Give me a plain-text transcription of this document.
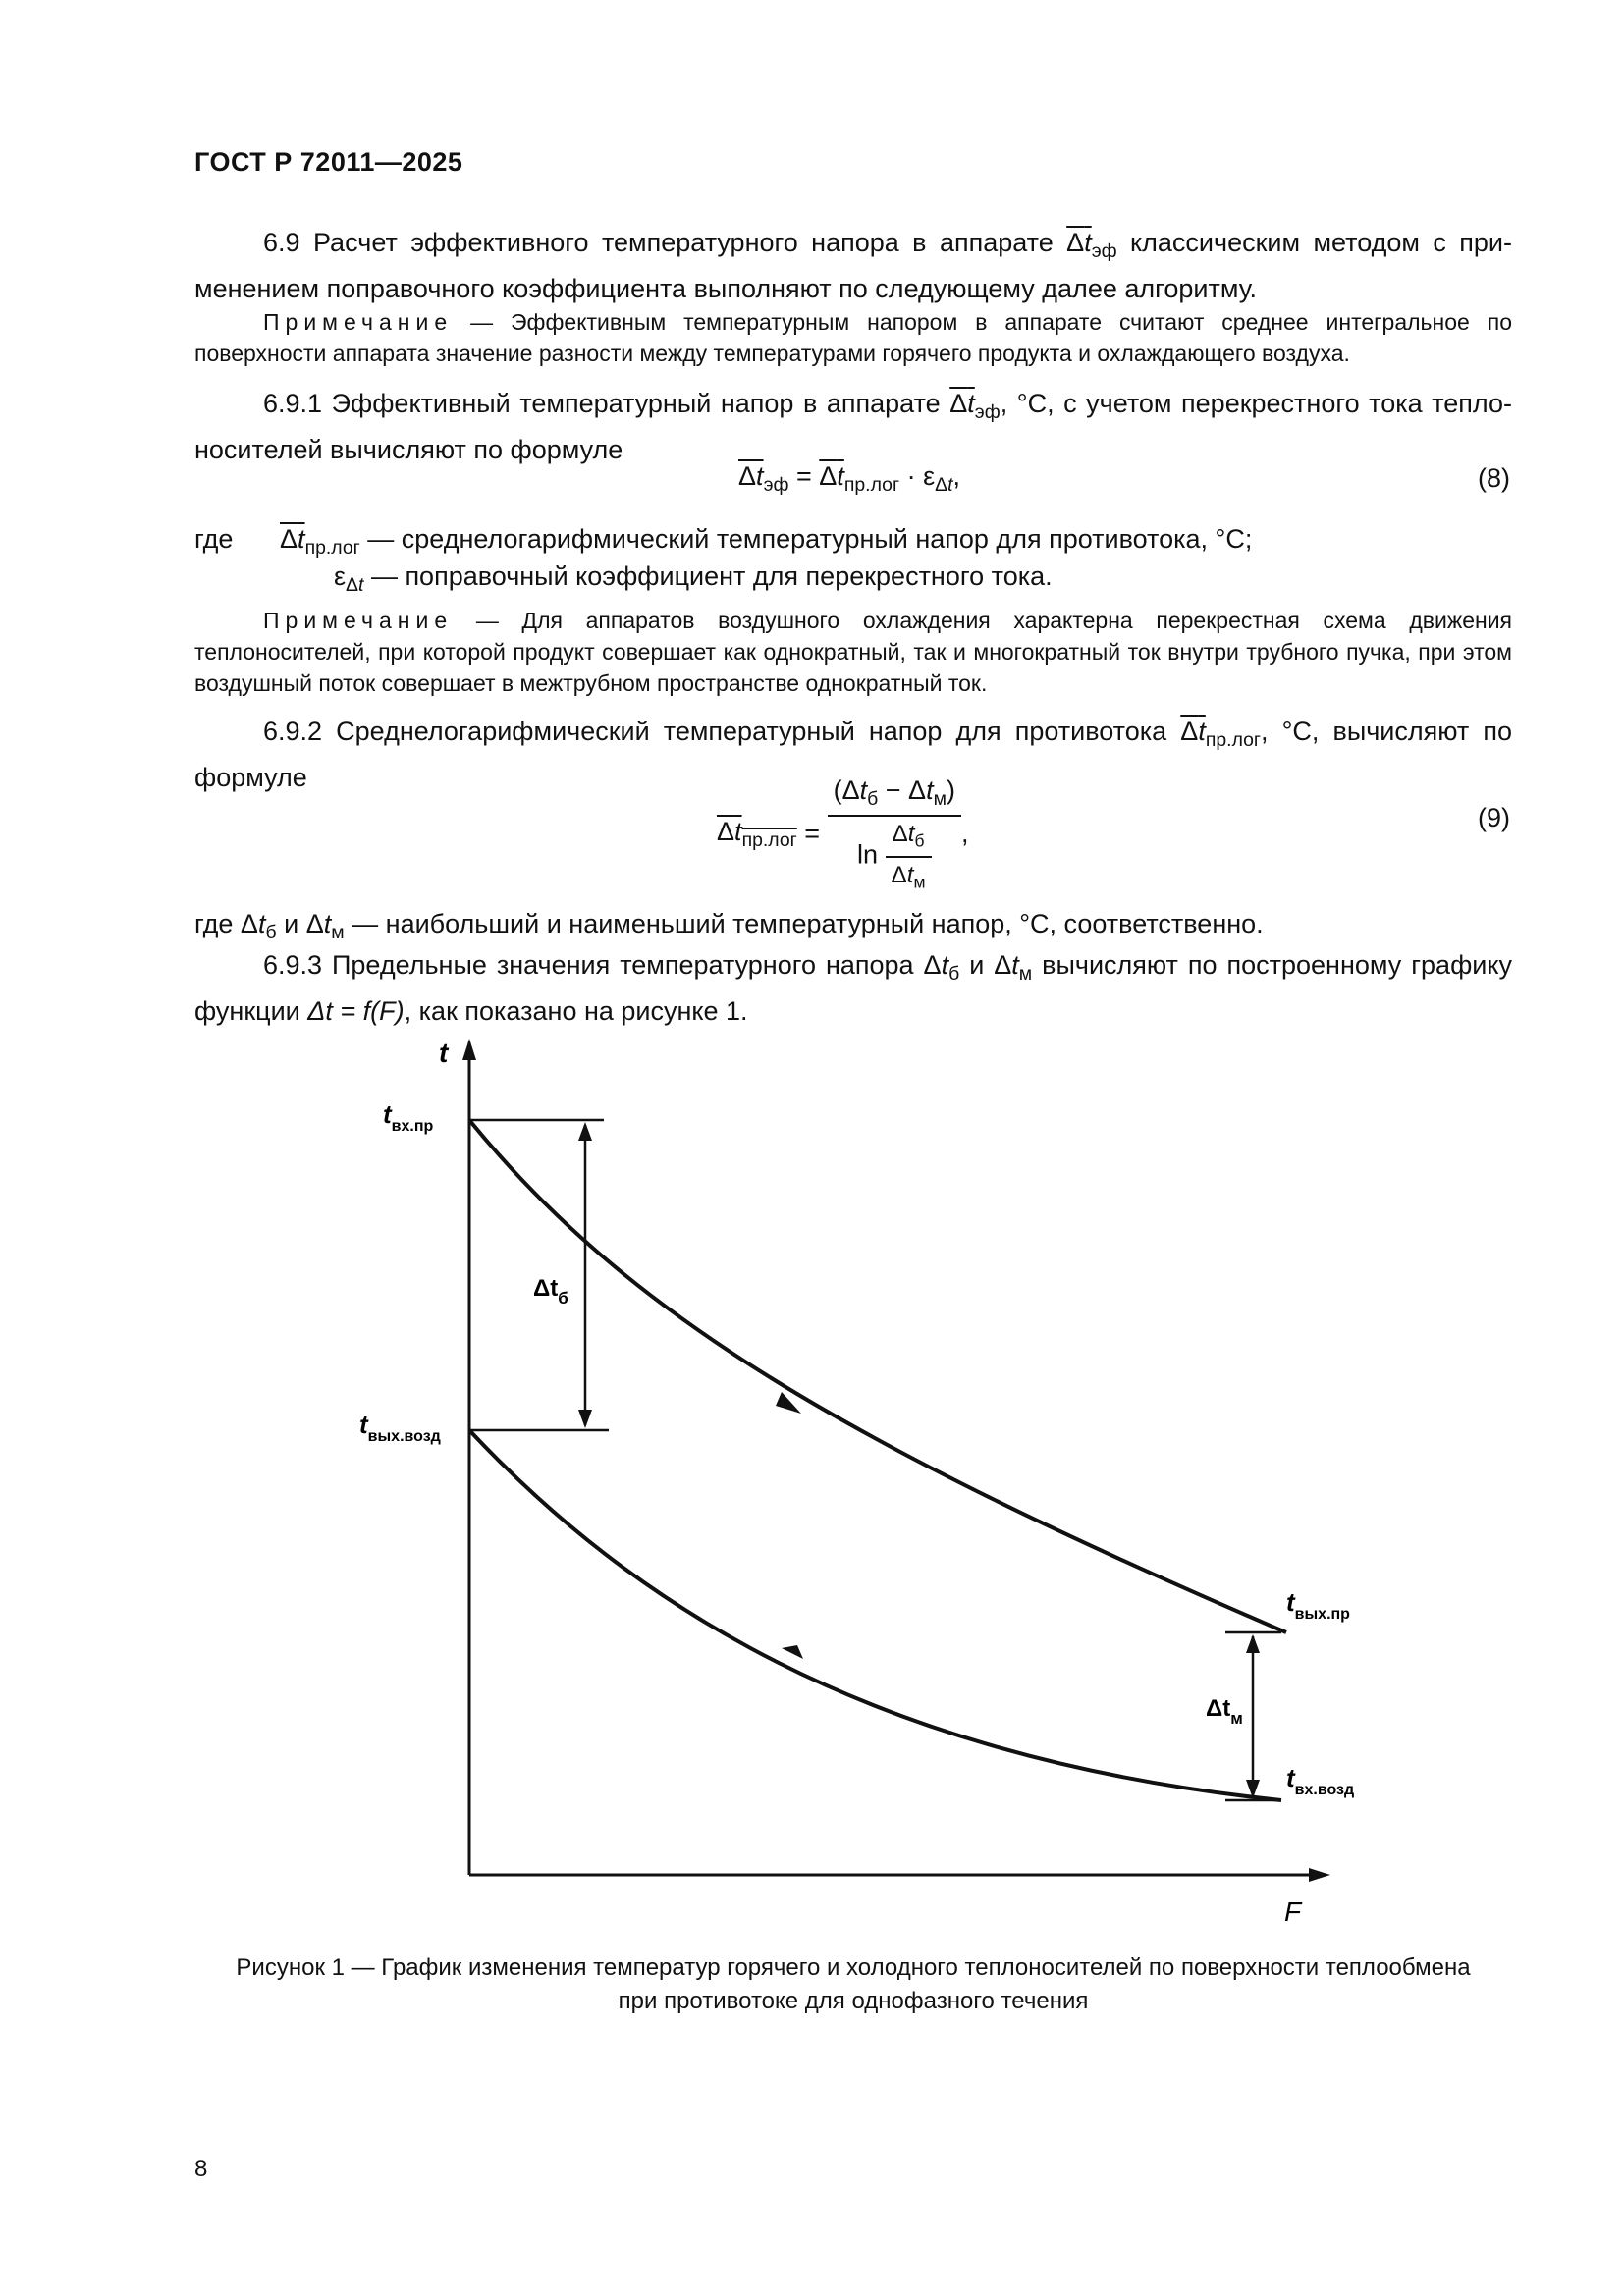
ГОСТ Р 72011—2025
6.9 Расчет эффективного температурного напора в аппарате $\Delta t_{эф}$ классическим методом с применением поправочного коэффициента выполняют по следующему далее алгоритму.
Примечание — Эффективным температурным напором в аппарате считают среднее интегральное по поверхности аппарата значение разности между температурами горячего продукта и охлаждающего воздуха.
6.9.1 Эффективный температурный напор в аппарате $\Delta t_{эф}$, °С, с учетом перекрестного тока теплоносителей вычисляют по формуле
$\Delta t_{эф} = \Delta t_{пр.лог} \cdot \varepsilon_{\Delta t}$,	(8)
где $\Delta t_{пр.лог}$ — среднелогарифмический температурный напор для противотока, °С;
$\varepsilon_{\Delta t}$ — поправочный коэффициент для перекрестного тока.
Примечание — Для аппаратов воздушного охлаждения характерна перекрестная схема движения теплоносителей, при которой продукт совершает как однократный, так и многократный ток внутри трубного пучка, при этом воздушный поток совершает в межтрубном пространстве однократный ток.
6.9.2 Среднелогарифмический температурный напор для противотока $\Delta t_{пр.лог}$, °С, вычисляют по формуле
$\Delta t_{пр.лог} = \frac{(\Delta t_б - \Delta t_м)}{\ln \frac{\Delta t_б}{\Delta t_м}}$ ,
(9)
где $\Delta t_б$ и $\Delta t_м$ — наибольший и наименьший температурный напор, °С, соответственно.
6.9.3 Предельные значения температурного напора $\Delta t_б$ и $\Delta t_м$ вычисляют по построенному графику функции Δt = f(F), как показано на рисунке 1.
t
F
tвх.пр
tвых.возд
tвых.пр
tвх.возд
Δtб
Δtм
Рисунок 1 — График изменения температур горячего и холодного теплоносителей по поверхности теплообмена
при противотоке для однофазного течения
8
